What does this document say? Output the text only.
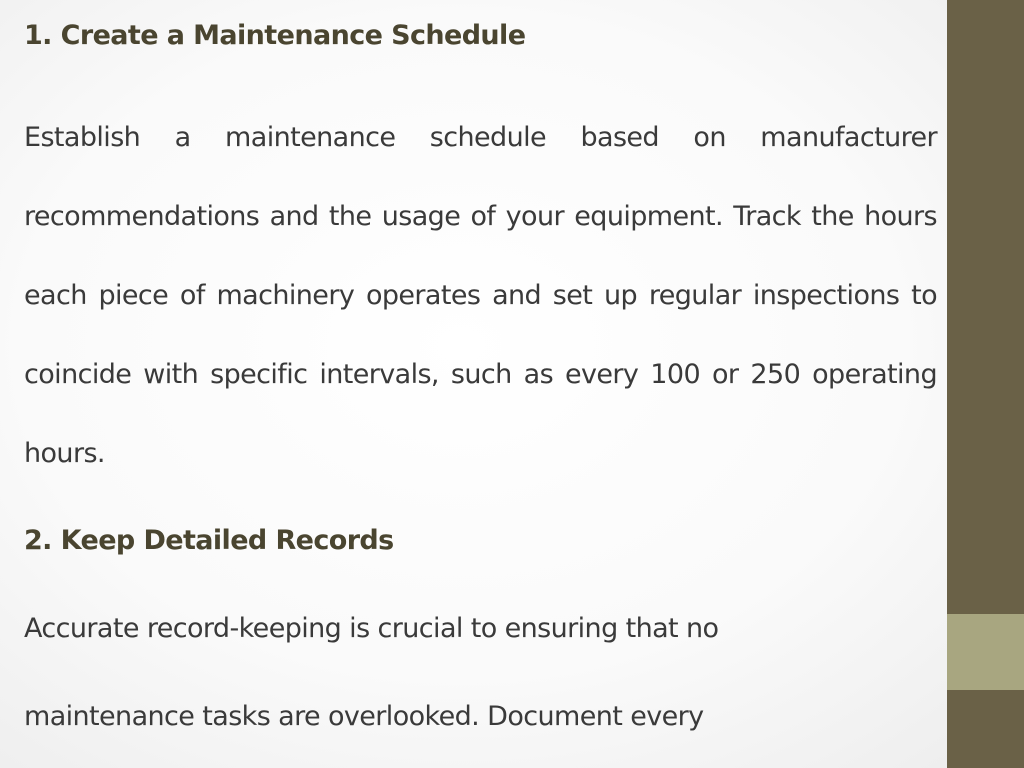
1. Create a Maintenance Schedule

Establish a maintenance schedule based on manufacturer recommendations and the usage of your equipment. Track the hours each piece of machinery operates and set up regular inspections to coincide with specific intervals, such as every 100 or 250 operating hours.

2. Keep Detailed Records

Accurate record-keeping is crucial to ensuring that no

maintenance tasks are overlooked. Document every
